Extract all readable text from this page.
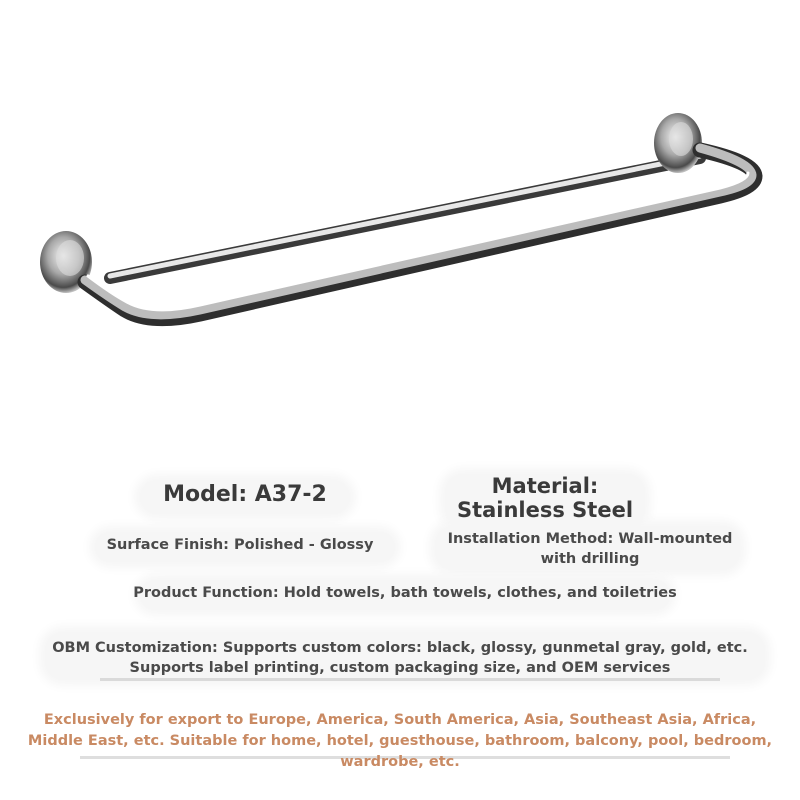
Model: A37-2	Material:
Stainless Steel
Surface Finish: Polished - Glossy	Installation Method: Wall-mounted
with drilling
Product Function: Hold towels, bath towels, clothes, and toiletries
OBM Customization: Supports custom colors: black, glossy, gunmetal gray, gold, etc.
Supports label printing, custom packaging size, and OEM services
Exclusively for export to Europe, America, South America, Asia, Southeast Asia, Africa,
Middle East, etc. Suitable for home, hotel, guesthouse, bathroom, balcony, pool, bedroom,
wardrobe, etc.
